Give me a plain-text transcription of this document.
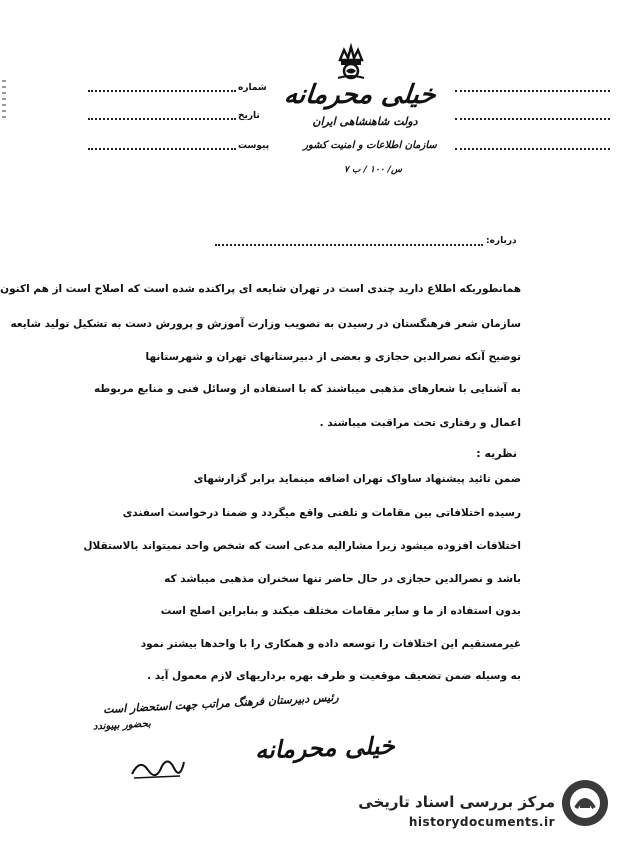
شماره
تاریخ
پیوست
خیلی محرمانه
دولت شاهنشاهی ایران
سازمان اطلاعات و امنیت کشور
س/ ۱۰۰ / ب ۷
درباره:
همانطوریکه اطلاع دارید چندی است در تهران شایعه ای پراکنده شده است که اصلاح است از هم اکنون
سازمان شعر فرهنگستان در رسیدن به تصویب وزارت آموزش و پرورش دست به تشکیل تولید شایعه
توضیح آنکه نصرالدین حجازی و بعضی از دبیرستانهای تهران و شهرستانها
به آشنایی با شعارهای مذهبی میباشند که با استفاده از وسائل فنی و منابع مربوطه
اعمال و رفتاری تحت مراقبت میباشند .
نظریه :
ضمن تائید پیشنهاد ساواک تهران اضافه مینماید برابر گزارشهای
رسیده اختلافاتی بین مقامات و تلفنی واقع میگردد و ضمنا درخواست اسفندی
اختلافات افزوده میشود زیرا مشارالیه مدعی است که شخص واحد نمیتواند بالاستقلال
باشد و نصرالدین حجازی در حال حاضر تنها سخنران مذهبی میباشد که
بدون استفاده از ما و سایر مقامات مختلف میکند و بنابراین اصلح است
غیرمستقیم این اختلافات را توسعه داده و همکاری را با واحدها بیشتر نمود
به وسیله ضمن تضعیف موقعیت و طرف بهره برداریهای لازم معمول آید .
رئیس دبیرستان فرهنگ مراتب جهت استحضار است
بحضور بپیوندد
خیلی محرمانه
مرکز بررسی اسناد تاریخی
historydocuments.ir
